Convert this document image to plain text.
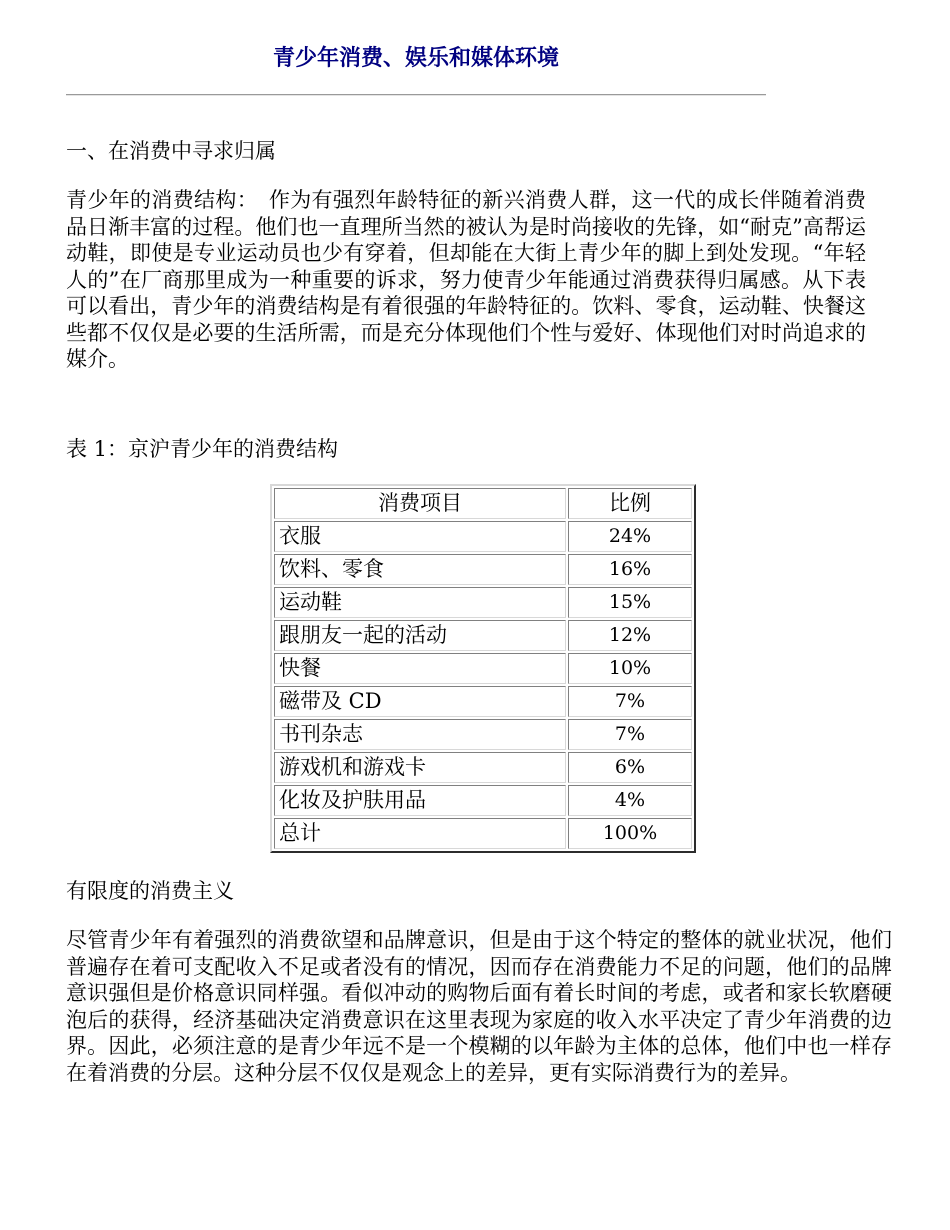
青少年消费、娱乐和媒体环境
一、在消费中寻求归属

青少年的消费结构：　作为有强烈年龄特征的新兴消费人群，这一代的成长伴随着消费品日渐丰富的过程。他们也一直理所当然的被认为是时尚接收的先锋，如“耐克”高帮运动鞋，即使是专业运动员也少有穿着，但却能在大街上青少年的脚上到处发现。“年轻人的”在厂商那里成为一种重要的诉求，努力使青少年能通过消费获得归属感。从下表可以看出，青少年的消费结构是有着很强的年龄特征的。饮料、零食，运动鞋、快餐这些都不仅仅是必要的生活所需，而是充分体现他们个性与爱好、体现他们对时尚追求的媒介。

表 1：京沪青少年的消费结构

消费项目	比例
衣服	24%
饮料、零食	16%
运动鞋	15%
跟朋友一起的活动	12%
快餐	10%
磁带及 CD	7%
书刊杂志	7%
游戏机和游戏卡	6%
化妆及护肤用品	4%
总计	100%

有限度的消费主义

尽管青少年有着强烈的消费欲望和品牌意识，但是由于这个特定的整体的就业状况，他们普遍存在着可支配收入不足或者没有的情况，因而存在消费能力不足的问题，他们的品牌意识强但是价格意识同样强。看似冲动的购物后面有着长时间的考虑，或者和家长软磨硬泡后的获得，经济基础决定消费意识在这里表现为家庭的收入水平决定了青少年消费的边界。因此，必须注意的是青少年远不是一个模糊的以年龄为主体的总体，他们中也一样存在着消费的分层。这种分层不仅仅是观念上的差异，更有实际消费行为的差异。
